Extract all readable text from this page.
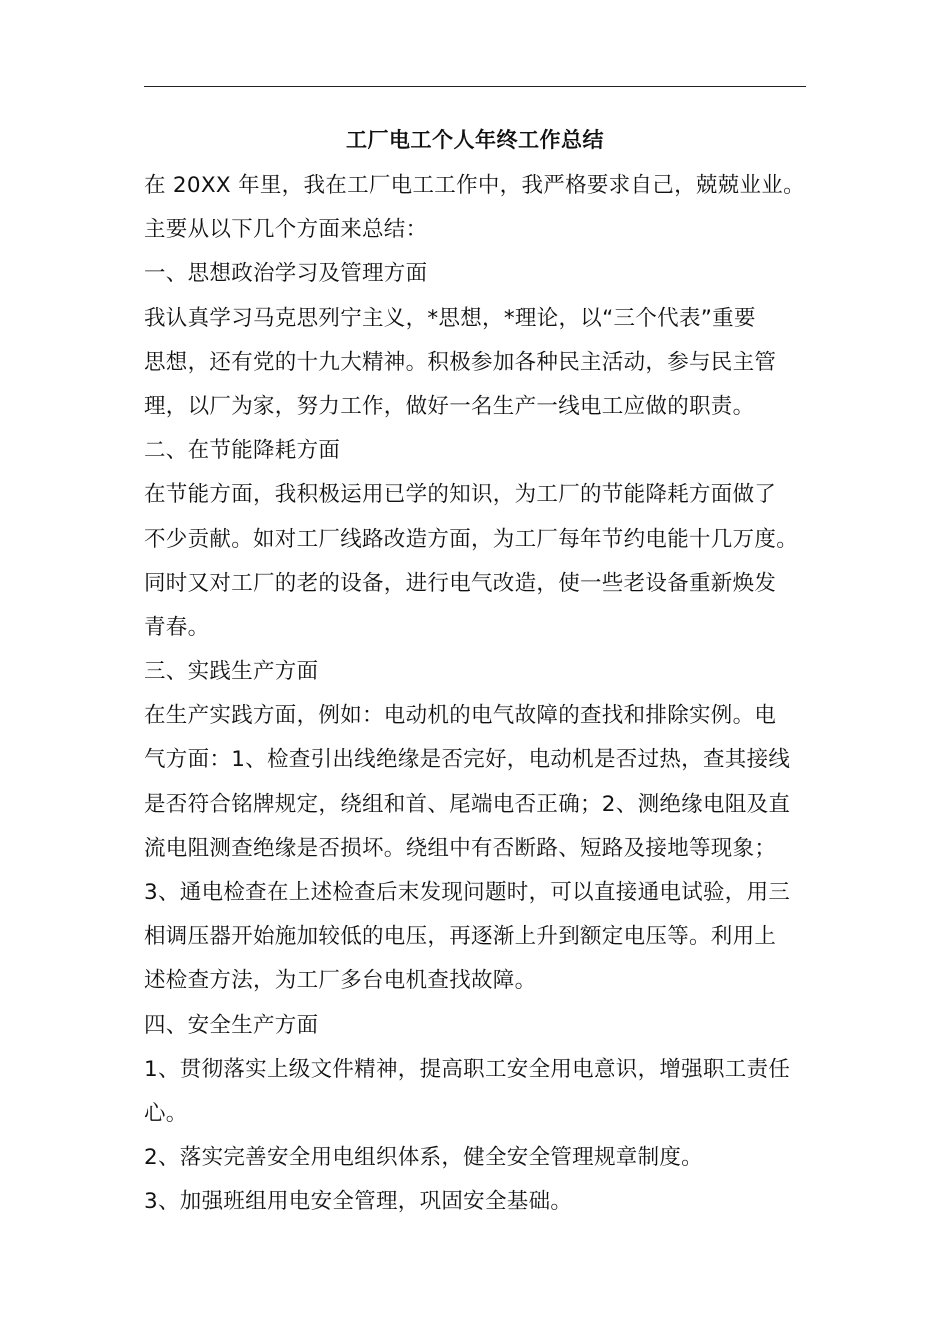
工厂电工个人年终工作总结
在 20XX 年里，我在工厂电工工作中，我严格要求自己，兢兢业业。
主要从以下几个方面来总结：
一、思想政治学习及管理方面
我认真学习马克思列宁主义，*思想，*理论，以“三个代表”重要
思想，还有党的十九大精神。积极参加各种民主活动，参与民主管
理，以厂为家，努力工作，做好一名生产一线电工应做的职责。
二、在节能降耗方面
在节能方面，我积极运用已学的知识，为工厂的节能降耗方面做了
不少贡献。如对工厂线路改造方面，为工厂每年节约电能十几万度。
同时又对工厂的老的设备，进行电气改造，使一些老设备重新焕发
青春。
三、实践生产方面
在生产实践方面，例如：电动机的电气故障的查找和排除实例。电
气方面：1、检查引出线绝缘是否完好，电动机是否过热，查其接线
是否符合铭牌规定，绕组和首、尾端电否正确；2、测绝缘电阻及直
流电阻测查绝缘是否损坏。绕组中有否断路、短路及接地等现象；
3、通电检查在上述检查后末发现问题时，可以直接通电试验，用三
相调压器开始施加较低的电压，再逐渐上升到额定电压等。利用上
述检查方法，为工厂多台电机查找故障。
四、安全生产方面
1、贯彻落实上级文件精神，提高职工安全用电意识，增强职工责任
心。
2、落实完善安全用电组织体系，健全安全管理规章制度。
3、加强班组用电安全管理，巩固安全基础。
